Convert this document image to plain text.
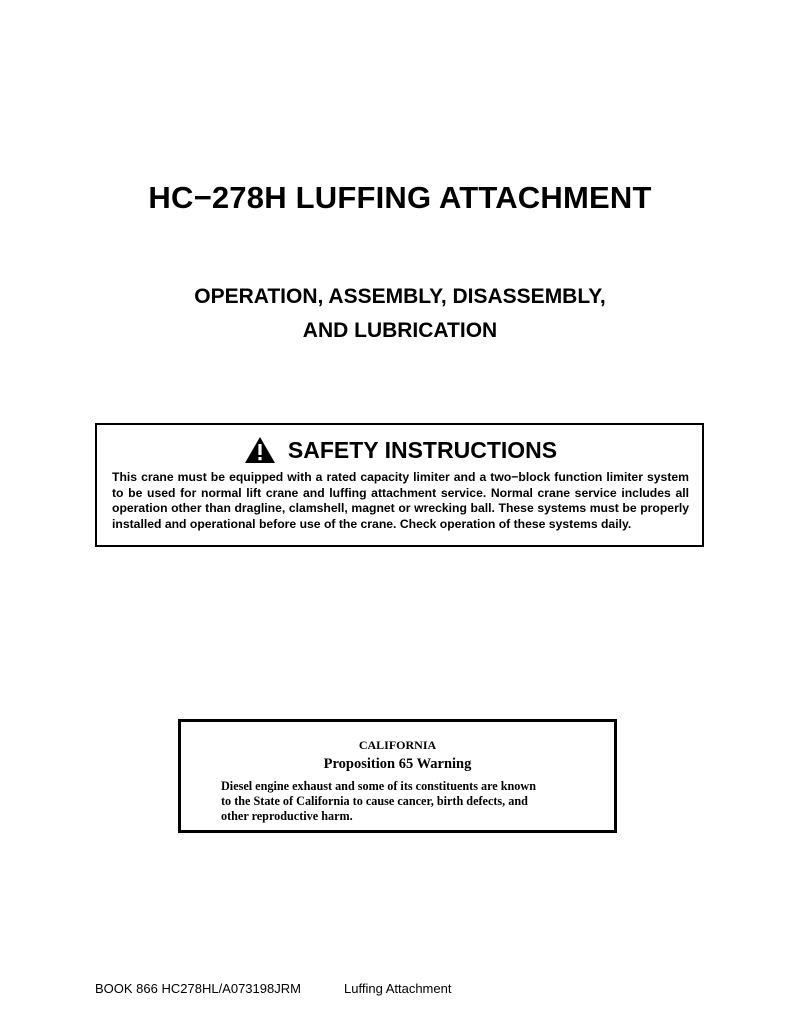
HC−278H LUFFING ATTACHMENT
OPERATION, ASSEMBLY, DISASSEMBLY,
AND LUBRICATION
SAFETY INSTRUCTIONS
This crane must be equipped with a rated capacity limiter and a two−block function limiter system to be used for normal lift crane and luffing attachment service. Normal crane service includes all operation other than dragline, clamshell, magnet or wrecking ball. These systems must be properly installed and operational before use of the crane. Check operation of these systems daily.
CALIFORNIA
Proposition 65 Warning
Diesel engine exhaust and some of its constituents are known
to the State of California to cause cancer, birth defects, and
other reproductive harm.
BOOK 866 HC278HL/A073198JRM	Luffing Attachment
